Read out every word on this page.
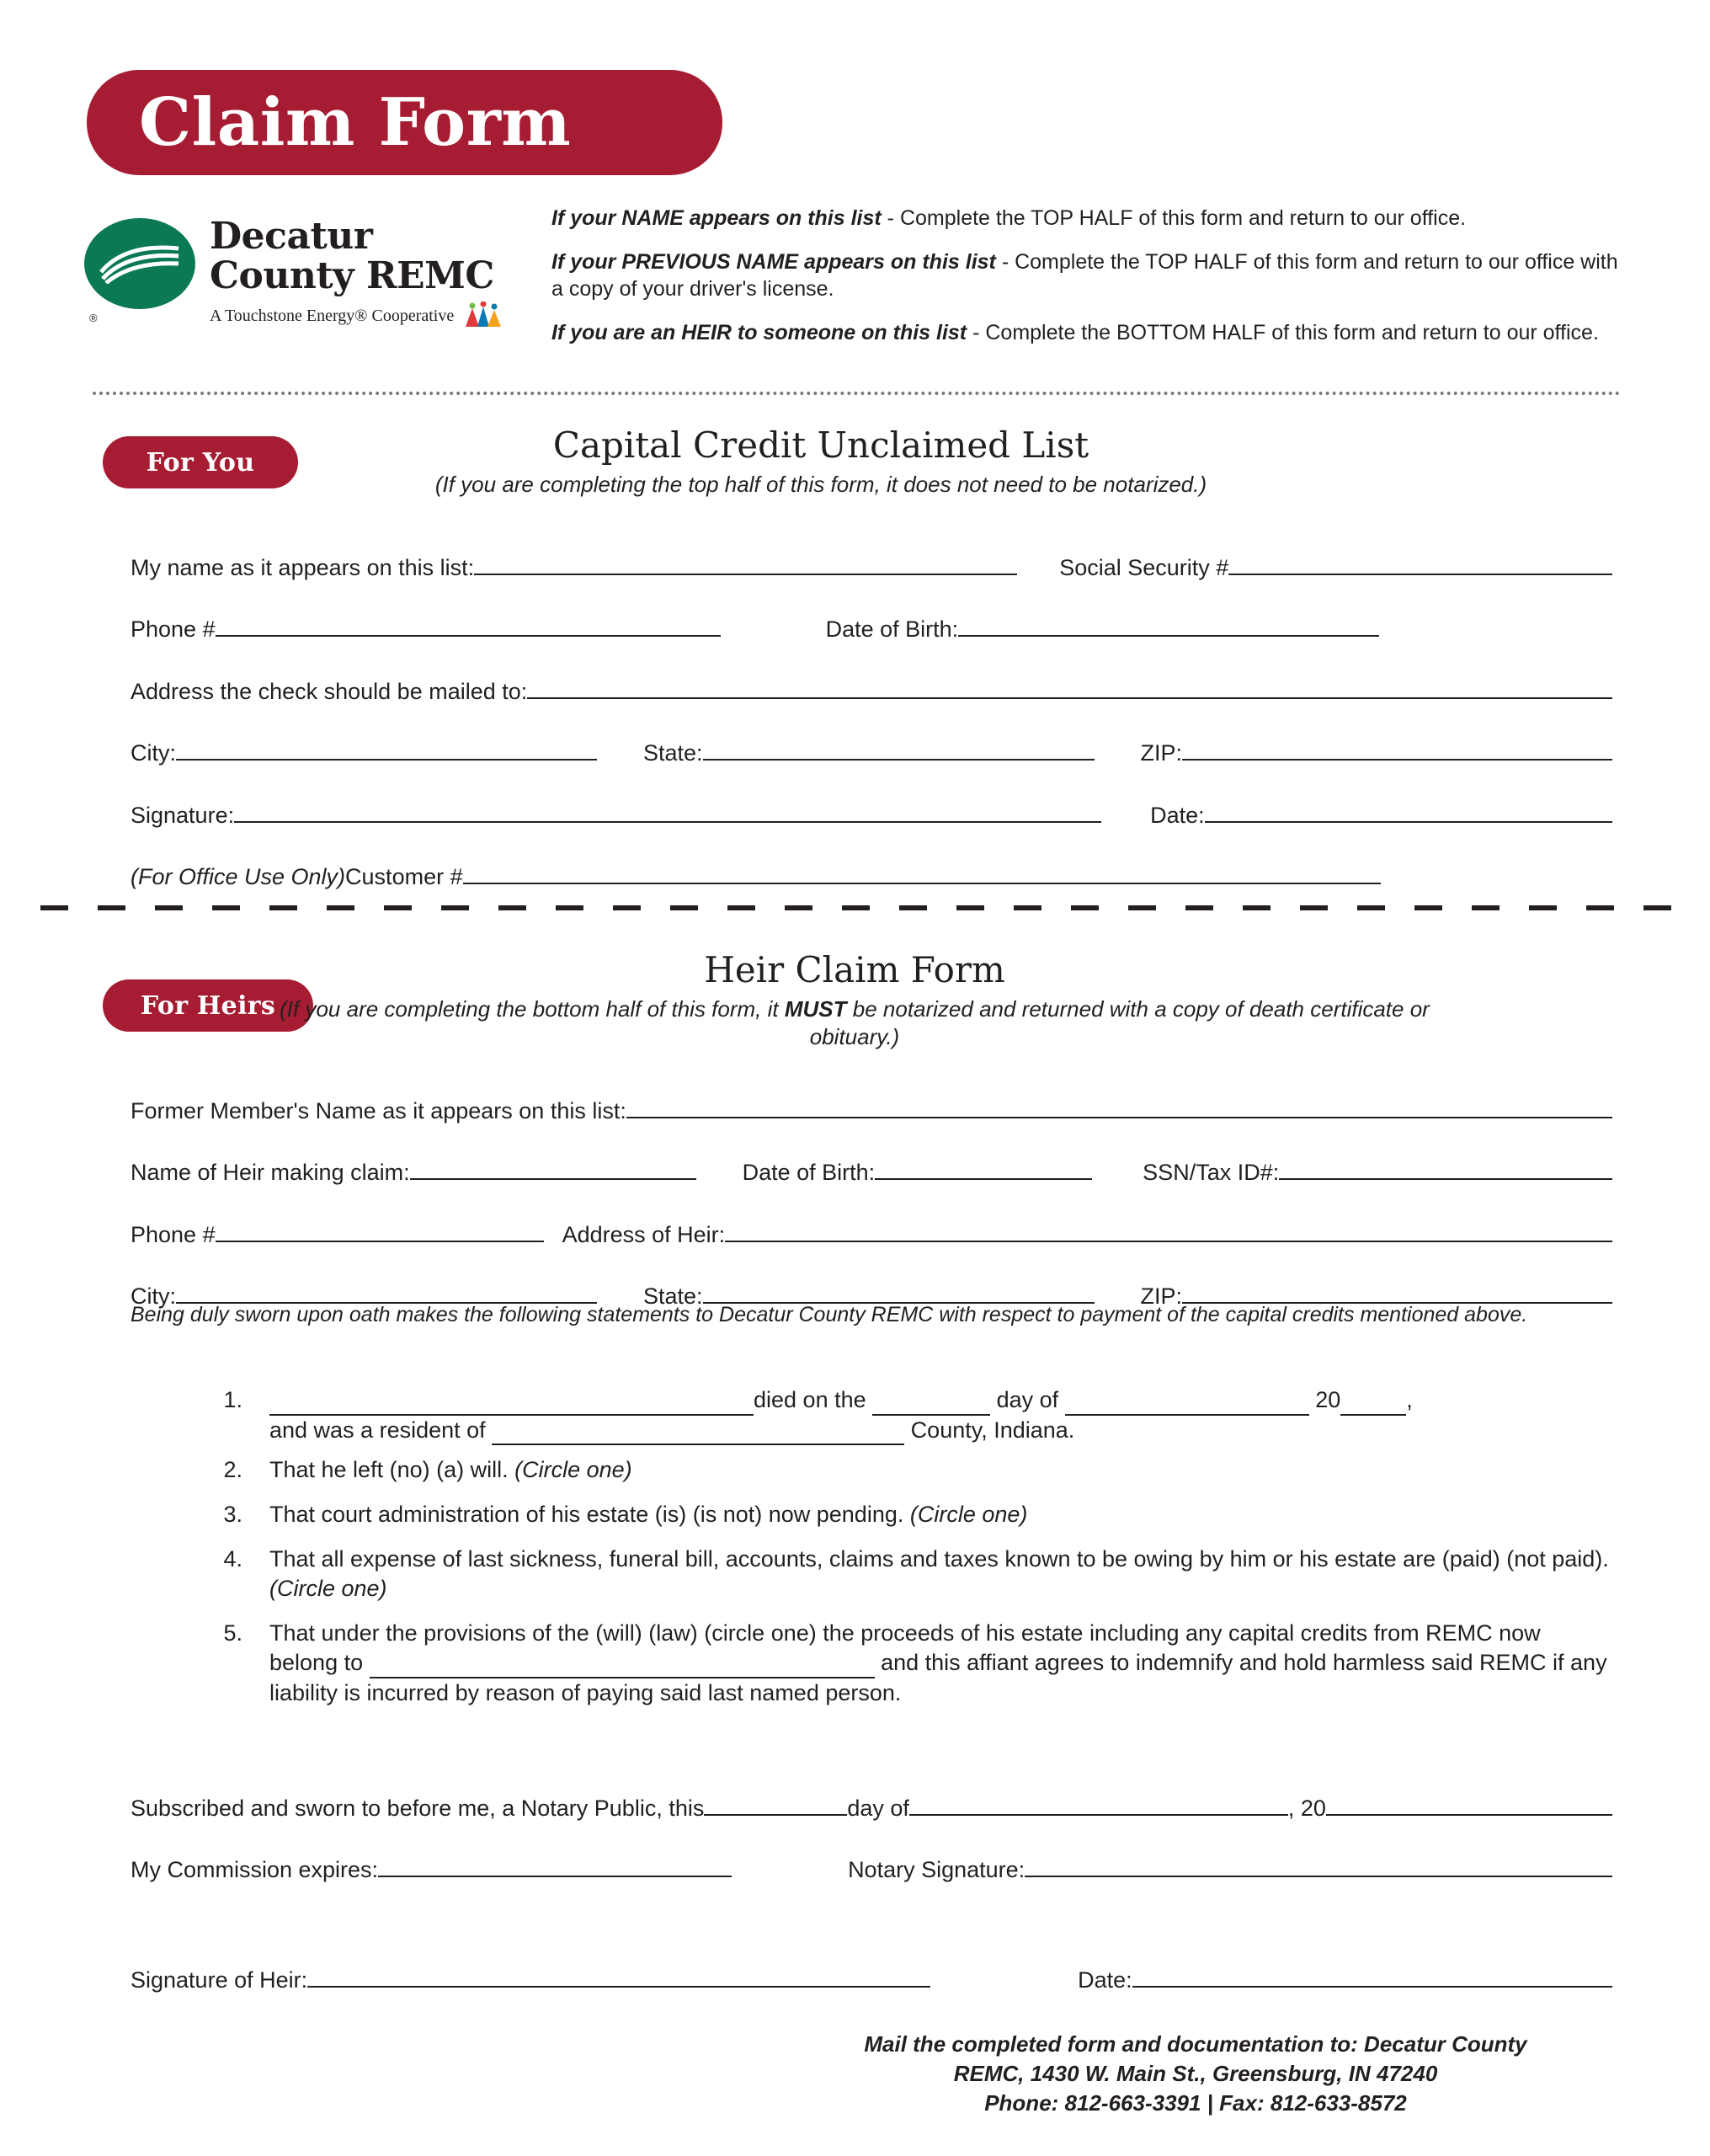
Claim Form
®
Decatur
County REMC
A Touchstone Energy® Cooperative
If your NAME appears on this list - Complete the TOP HALF of this form and return to our office.
If your PREVIOUS NAME appears on this list - Complete the TOP HALF of this form and return to our office with a copy of your driver's license.
If you are an HEIR to someone on this list - Complete the BOTTOM HALF of this form and return to our office.
For You	Capital Credit Unclaimed List
(If you are completing the top half of this form, it does not need to be notarized.)
My name as it appears on this list:	Social Security #
Phone #	Date of Birth:
Address the check should be mailed to:
City:	State:	ZIP:
Signature:	Date:
(For Office Use Only) Customer #
For Heirs
Heir Claim Form
(If you are completing the bottom half of this form, it MUST be notarized and returned with a copy of death certificate or obituary.)
Former Member's Name as it appears on this list:
Name of Heir making claim:	Date of Birth:	SSN/Tax ID#:
Phone #	Address of Heir:
City:	State:	ZIP:
Being duly sworn upon oath makes the following statements to Decatur County REMC with respect to payment of the capital credits mentioned above.
1.	died on the	day of	20	,
and was a resident of	County, Indiana.
2.	That he left (no) (a) will. (Circle one)
3.	That court administration of his estate (is) (is not) now pending. (Circle one)
4.	That all expense of last sickness, funeral bill, accounts, claims and taxes known to be owing by him or his estate are (paid) (not paid). (Circle one)
5.	That under the provisions of the (will) (law) (circle one) the proceeds of his estate including any capital credits from REMC now belong to	and this affiant agrees to indemnify and hold harmless said REMC if any liability is incurred by reason of paying said last named person.
Subscribed and sworn to before me, a Notary Public, this	day of	, 20
My Commission expires:	Notary Signature:
Signature of Heir:	Date:
Mail the completed form and documentation to: Decatur County
REMC, 1430 W. Main St., Greensburg, IN 47240
Phone: 812-663-3391 | Fax: 812-633-8572
